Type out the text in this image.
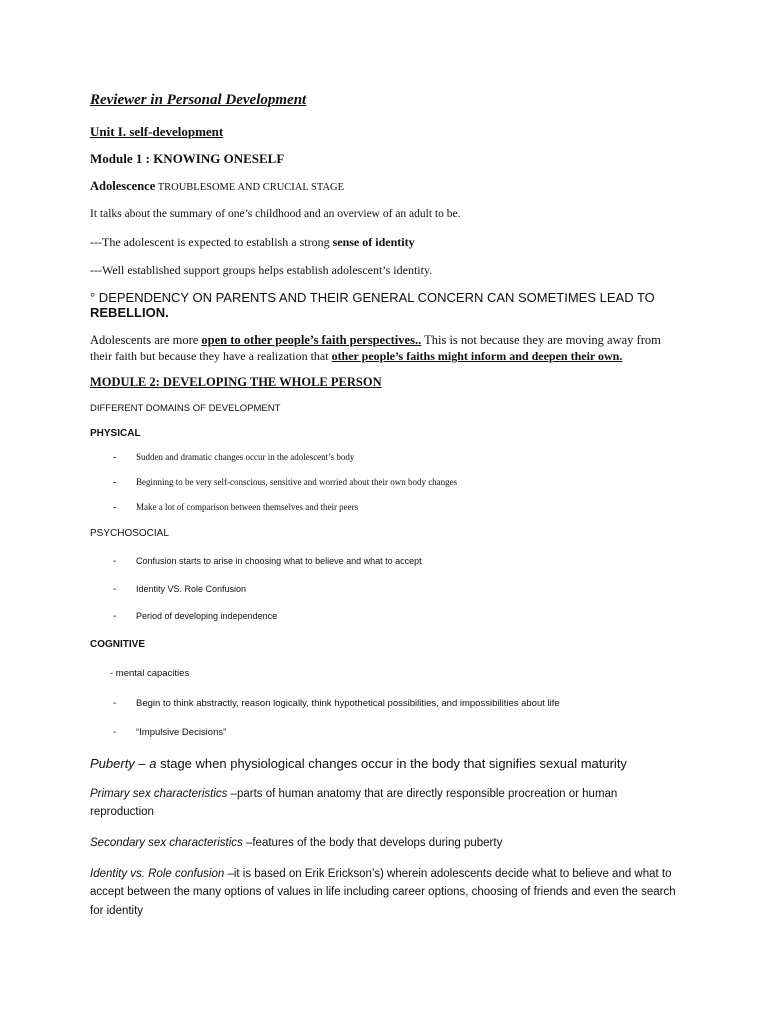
Reviewer in Personal Development
Unit I. self-development
Module 1 : KNOWING ONESELF
Adolescence TROUBLESOME AND CRUCIAL STAGE
It talks about the summary of one’s childhood and an overview of an adult to be.
---The adolescent is expected to establish a strong sense of identity
---Well established support groups helps establish adolescent’s identity.
° DEPENDENCY ON PARENTS AND THEIR GENERAL CONCERN CAN SOMETIMES LEAD TO
REBELLION.
Adolescents are more open to other people’s faith perspectives.. This is not because they are moving away from
their faith but because they have a realization that other people’s faiths might inform and deepen their own.
MODULE 2: DEVELOPING THE WHOLE PERSON
DIFFERENT DOMAINS OF DEVELOPMENT
PHYSICAL
- Sudden and dramatic changes occur in the adolescent’s body
- Beginning to be very self-conscious, sensitive and worried about their own body changes
- Make a lot of comparison between themselves and their peers
PSYCHOSOCIAL
- Confusion starts to arise in choosing what to believe and what to accept
- Identity VS. Role Confusion
- Period of developing independence
COGNITIVE
- mental capacities
- Begin to think abstractly, reason logically, think hypothetical possibilities, and impossibilities about life
- “Impulsive Decisions”
Puberty – a stage when physiological changes occur in the body that signifies sexual maturity
Primary sex characteristics –parts of human anatomy that are directly responsible procreation or human
reproduction
Secondary sex characteristics –features of the body that develops during puberty
Identity vs. Role confusion –it is based on Erik Erickson’s) wherein adolescents decide what to believe and what to
accept between the many options of values in life including career options, choosing of friends and even the search
for identity
